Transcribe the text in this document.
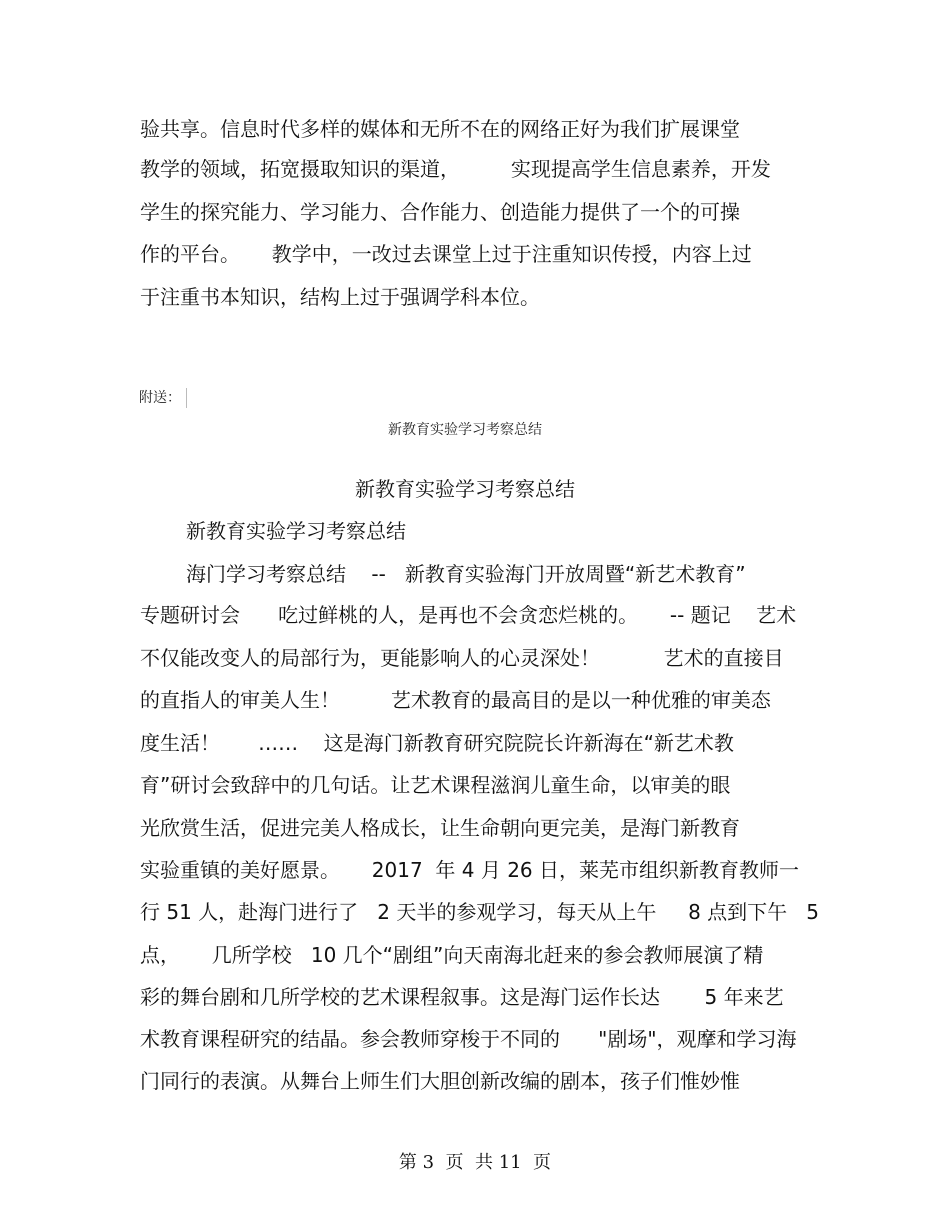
验共享。信息时代多样的媒体和无所不在的网络正好为我们扩展课堂
教学的领域，拓宽摄取知识的渠道，        实现提高学生信息素养，开发
学生的探究能力、学习能力、合作能力、创造能力提供了一个的可操
作的平台。     教学中，一改过去课堂上过于注重知识传授，内容上过
于注重书本知识，结构上过于强调学科本位。
附送：
新教育实验学习考察总结
新教育实验学习考察总结
新教育实验学习考察总结
海门学习考察总结    --   新教育实验海门开放周暨“新艺术教育”
专题研讨会      吃过鲜桃的人，是再也不会贪恋烂桃的。     -- 题记    艺术
不仅能改变人的局部行为，更能影响人的心灵深处！          艺术的直接目
的直指人的审美人生！        艺术教育的最高目的是以一种优雅的审美态
度生活！      ……    这是海门新教育研究院院长许新海在“新艺术教
育”研讨会致辞中的几句话。让艺术课程滋润儿童生命，以审美的眼
光欣赏生活，促进完美人格成长，让生命朝向更完美，是海门新教育
实验重镇的美好愿景。     2017  年 4 月 26 日，莱芜市组织新教育教师一
行 51 人，赴海门进行了   2 天半的参观学习，每天从上午     8 点到下午   5
点，     几所学校   10 几个“剧组”向天南海北赶来的参会教师展演了精
彩的舞台剧和几所学校的艺术课程叙事。这是海门运作长达       5 年来艺
术教育课程研究的结晶。参会教师穿梭于不同的      "剧场"，观摩和学习海
门同行的表演。从舞台上师生们大胆创新改编的剧本，孩子们惟妙惟
第 3  页  共 11  页
